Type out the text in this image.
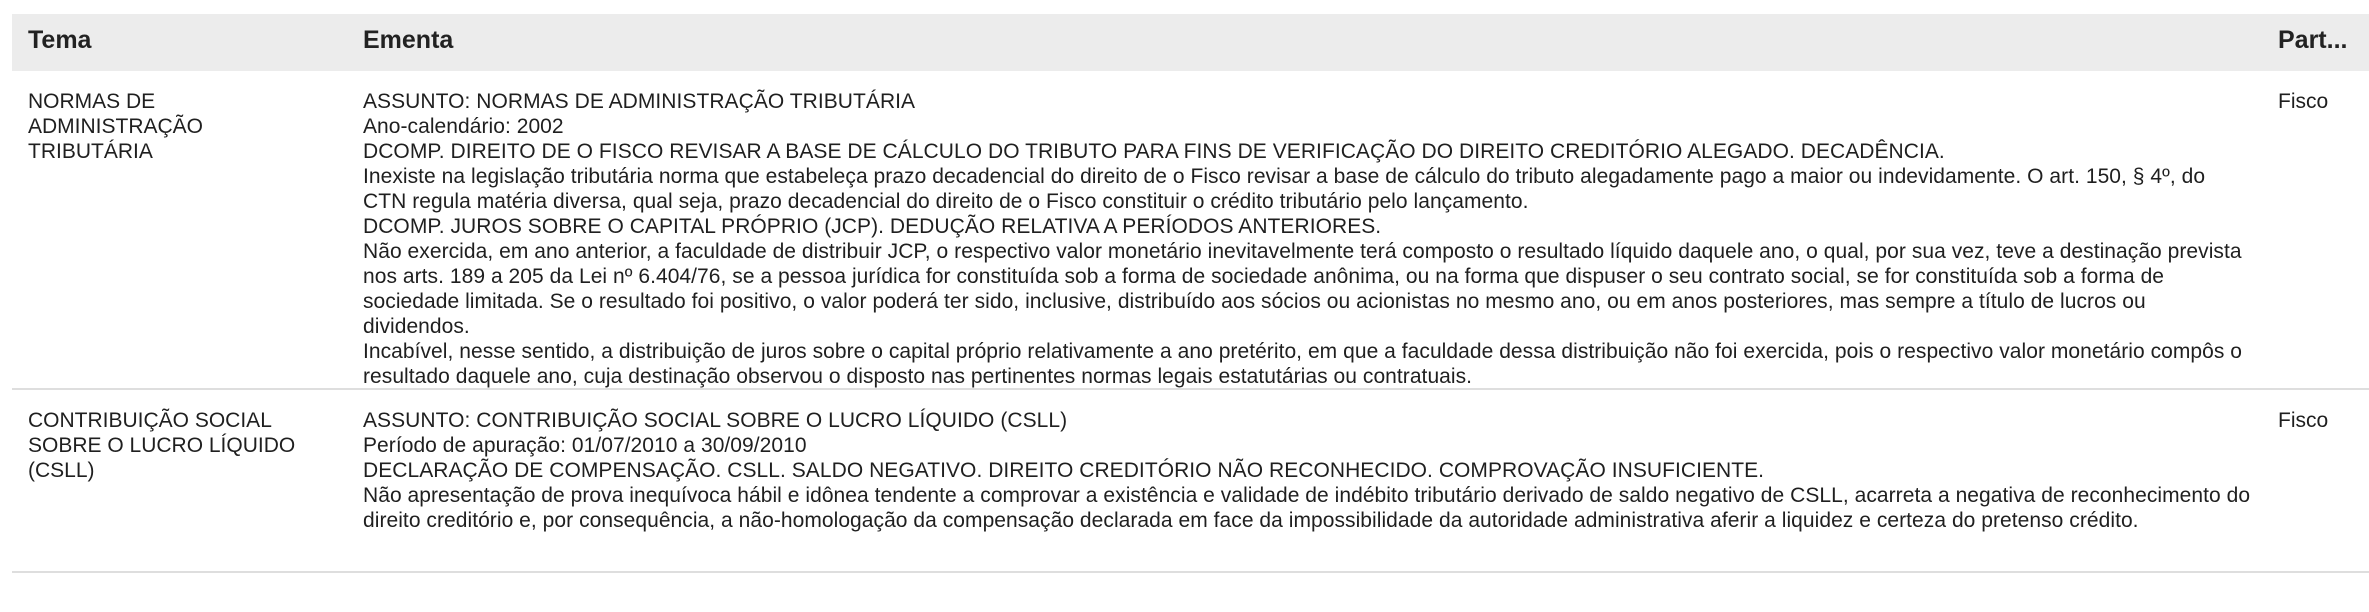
Tema	Ementa	Part...
NORMAS DE
ADMINISTRAÇÃO
TRIBUTÁRIA
ASSUNTO: NORMAS DE ADMINISTRAÇÃO TRIBUTÁRIA
Ano-calendário: 2002
DCOMP. DIREITO DE O FISCO REVISAR A BASE DE CÁLCULO DO TRIBUTO PARA FINS DE VERIFICAÇÃO DO DIREITO CREDITÓRIO ALEGADO. DECADÊNCIA.
Inexiste na legislação tributária norma que estabeleça prazo decadencial do direito de o Fisco revisar a base de cálculo do tributo alegadamente pago a maior ou indevidamente. O art. 150, § 4º, do CTN regula matéria diversa, qual seja, prazo decadencial do direito de o Fisco constituir o crédito tributário pelo lançamento.
DCOMP. JUROS SOBRE O CAPITAL PRÓPRIO (JCP). DEDUÇÃO RELATIVA A PERÍODOS ANTERIORES.
Não exercida, em ano anterior, a faculdade de distribuir JCP, o respectivo valor monetário inevitavelmente terá composto o resultado líquido daquele ano, o qual, por sua vez, teve a destinação prevista nos arts. 189 a 205 da Lei nº 6.404/76, se a pessoa jurídica for constituída sob a forma de sociedade anônima, ou na forma que dispuser o seu contrato social, se for constituída sob a forma de sociedade limitada. Se o resultado foi positivo, o valor poderá ter sido, inclusive, distribuído aos sócios ou acionistas no mesmo ano, ou em anos posteriores, mas sempre a título de lucros ou dividendos.
Incabível, nesse sentido, a distribuição de juros sobre o capital próprio relativamente a ano pretérito, em que a faculdade dessa distribuição não foi exercida, pois o respectivo valor monetário compôs o resultado daquele ano, cuja destinação observou o disposto nas pertinentes normas legais estatutárias ou contratuais.
Fisco
CONTRIBUIÇÃO SOCIAL
SOBRE O LUCRO LÍQUIDO
(CSLL)
ASSUNTO: CONTRIBUIÇÃO SOCIAL SOBRE O LUCRO LÍQUIDO (CSLL)
Período de apuração: 01/07/2010 a 30/09/2010
DECLARAÇÃO DE COMPENSAÇÃO. CSLL. SALDO NEGATIVO. DIREITO CREDITÓRIO NÃO RECONHECIDO. COMPROVAÇÃO INSUFICIENTE.
Não apresentação de prova inequívoca hábil e idônea tendente a comprovar a existência e validade de indébito tributário derivado de saldo negativo de CSLL, acarreta a negativa de reconhecimento do direito creditório e, por consequência, a não-homologação da compensação declarada em face da impossibilidade da autoridade administrativa aferir a liquidez e certeza do pretenso crédito.
Fisco
